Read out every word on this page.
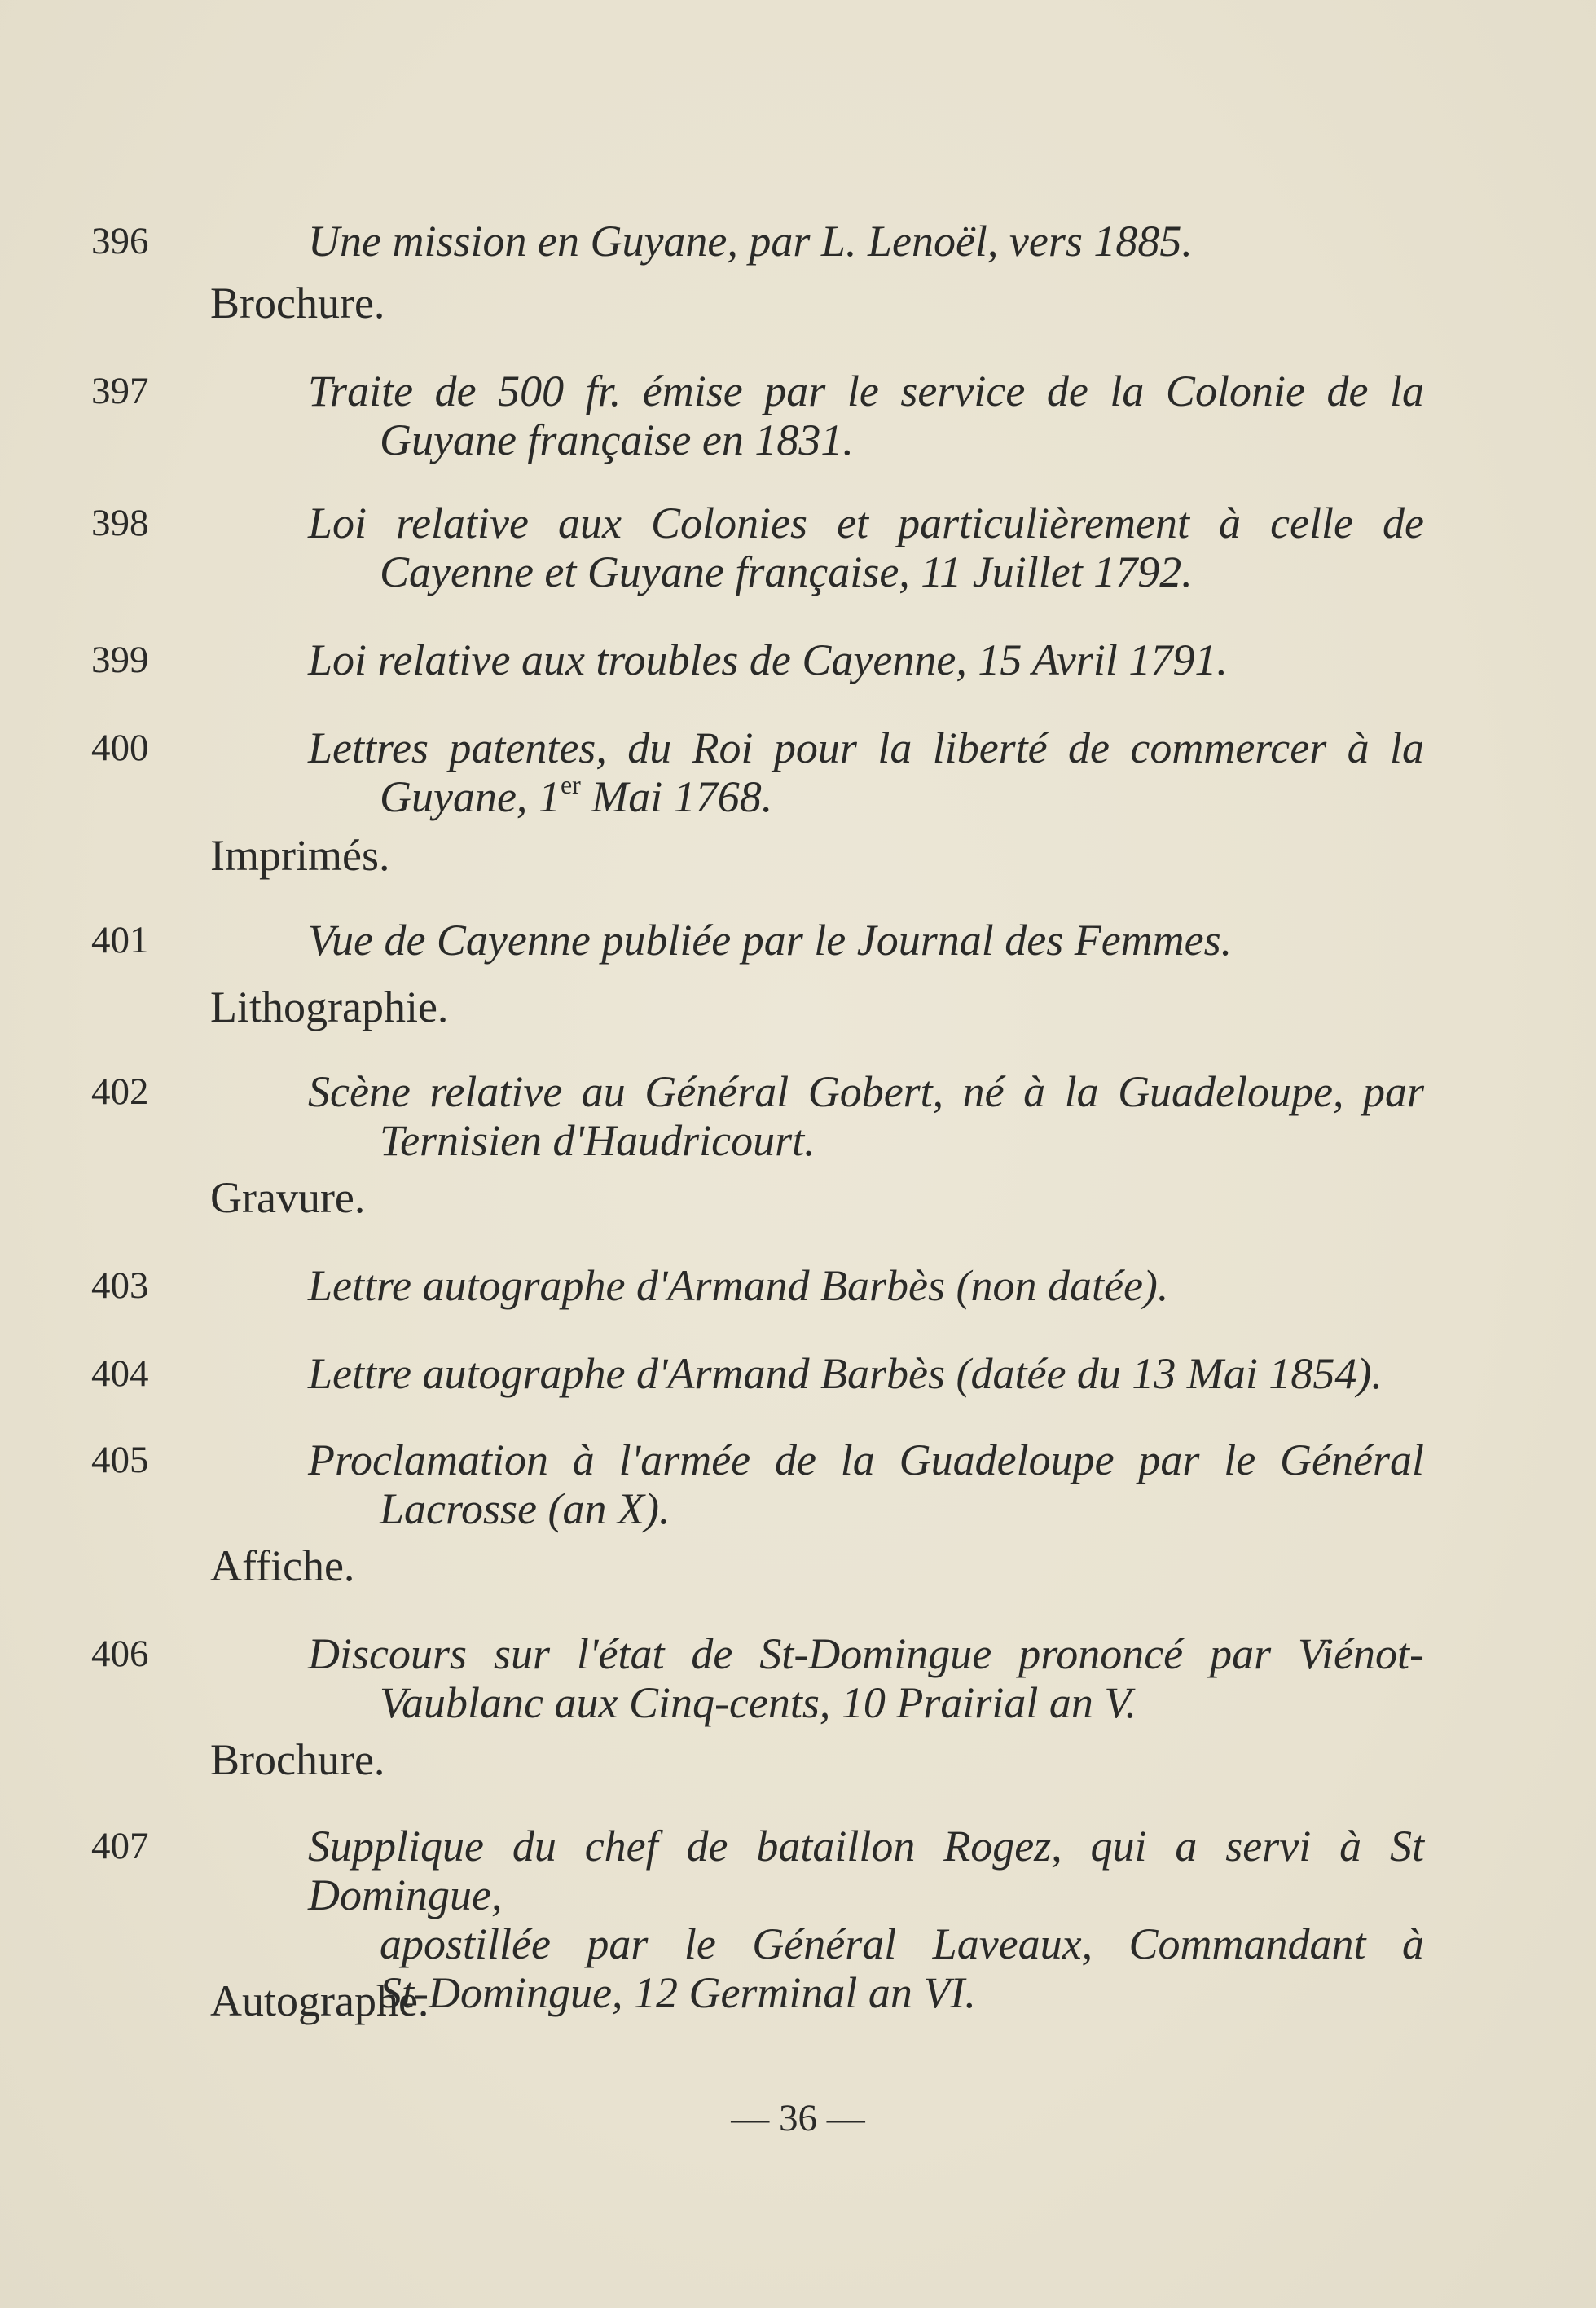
396	Une mission en Guyane, par L. Lenoël, vers 1885.
Brochure.
397	Traite de 500 fr. émise par le service de la Colonie de la
Guyane française en 1831.
398	Loi relative aux Colonies et particulièrement à celle de
Cayenne et Guyane française, 11 Juillet 1792.
399	Loi relative aux troubles de Cayenne, 15 Avril 1791.
400	Lettres patentes, du Roi pour la liberté de commercer à la
Guyane, 1er Mai 1768.
Imprimés.
401	Vue de Cayenne publiée par le Journal des Femmes.
Lithographie.
402	Scène relative au Général Gobert, né à la Guadeloupe, par
Ternisien d'Haudricourt.
Gravure.
403	Lettre autographe d'Armand Barbès (non datée).
404	Lettre autographe d'Armand Barbès (datée du 13 Mai 1854).
405	Proclamation à l'armée de la Guadeloupe par le Général
Lacrosse (an X).
Affiche.
406	Discours sur l'état de St-Domingue prononcé par Viénot-
Vaublanc aux Cinq-cents, 10 Prairial an V.
Brochure.
407	Supplique du chef de bataillon Rogez, qui a servi à St Domingue,
apostillée par le Général Laveaux, Commandant à
St-Domingue, 12 Germinal an VI.
Autographe.
— 36 —
